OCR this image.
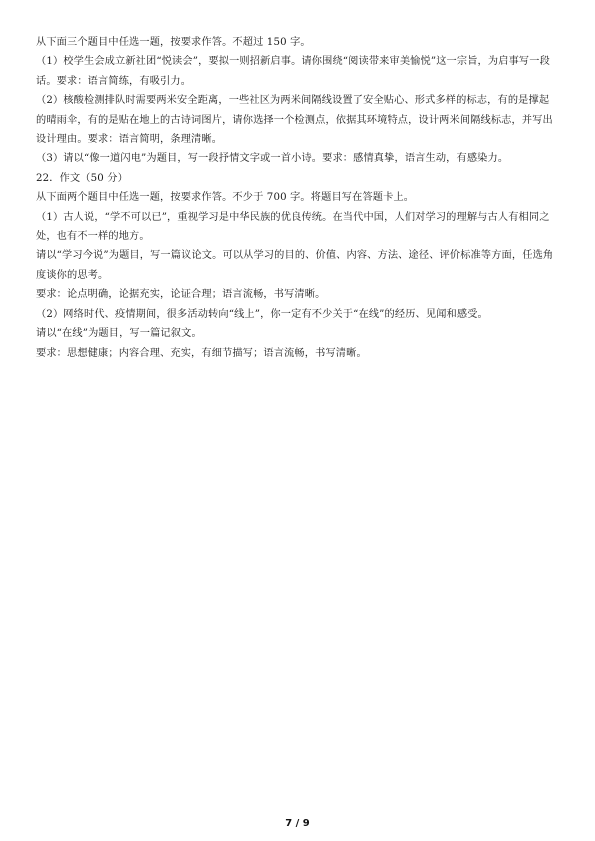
从下面三个题目中任选一题，按要求作答。不超过 150 字。
（1）校学生会成立新社团“悦读会”，要拟一则招新启事。请你围绕“阅读带来审美愉悦”这一宗旨，为启事写一段
话。要求：语言简练，有吸引力。
（2）核酸检测排队时需要两米安全距离，一些社区为两米间隔线设置了安全贴心、形式多样的标志，有的是撑起
的晴雨伞，有的是贴在地上的古诗词图片，请你选择一个检测点，依据其环境特点，设计两米间隔线标志，并写出
设计理由。要求：语言简明，条理清晰。
（3）请以“像一道闪电”为题目，写一段抒情文字或一首小诗。要求：感情真挚，语言生动，有感染力。
22．作文（50 分）
从下面两个题目中任选一题，按要求作答。不少于 700 字。将题目写在答题卡上。
（1）古人说，“学不可以已”，重视学习是中华民族的优良传统。在当代中国，人们对学习的理解与古人有相同之
处，也有不一样的地方。
请以“学习今说”为题目，写一篇议论文。可以从学习的目的、价值、内容、方法、途径、评价标准等方面，任选角
度谈你的思考。
要求：论点明确，论据充实，论证合理；语言流畅，书写清晰。
（2）网络时代、疫情期间，很多活动转向“线上”，你一定有不少关于“在线”的经历、见闻和感受。
请以“在线”为题目，写一篇记叙文。
要求：思想健康；内容合理、充实，有细节描写；语言流畅，书写清晰。
7 / 9
